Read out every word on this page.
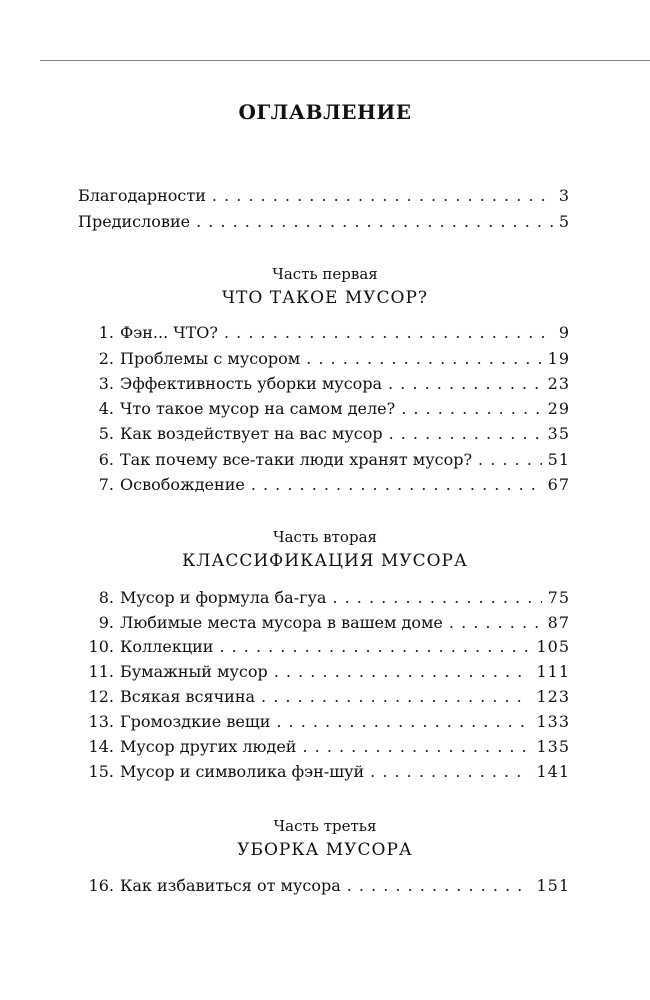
ОГЛАВЛЕНИЕ
Благодарности . . .	3
Предисловие . . .	5
Часть первая
ЧТО ТАКОЕ МУСОР?
1. Фэн... ЧТО? . . .	9
2. Проблемы с мусором . . .	19
3. Эффективность уборки мусора . . .	23
4. Что такое мусор на самом деле? . . .	29
5. Как воздействует на вас мусор . . .	35
6. Так почему все-таки люди хранят мусор? . . .	51
7. Освобождение . . .	67
Часть вторая
КЛАССИФИКАЦИЯ МУСОРА
8. Мусор и формула ба-гуа . . .	75
9. Любимые места мусора в вашем доме . . .	87
10. Коллекции . . .	105
11. Бумажный мусор . . .	111
12. Всякая всячина . . .	123
13. Громоздкие вещи . . .	133
14. Мусор других людей . . .	135
15. Мусор и символика фэн-шуй . . .	141
Часть третья
УБОРКА МУСОРА
16. Как избавиться от мусора . . .	151
